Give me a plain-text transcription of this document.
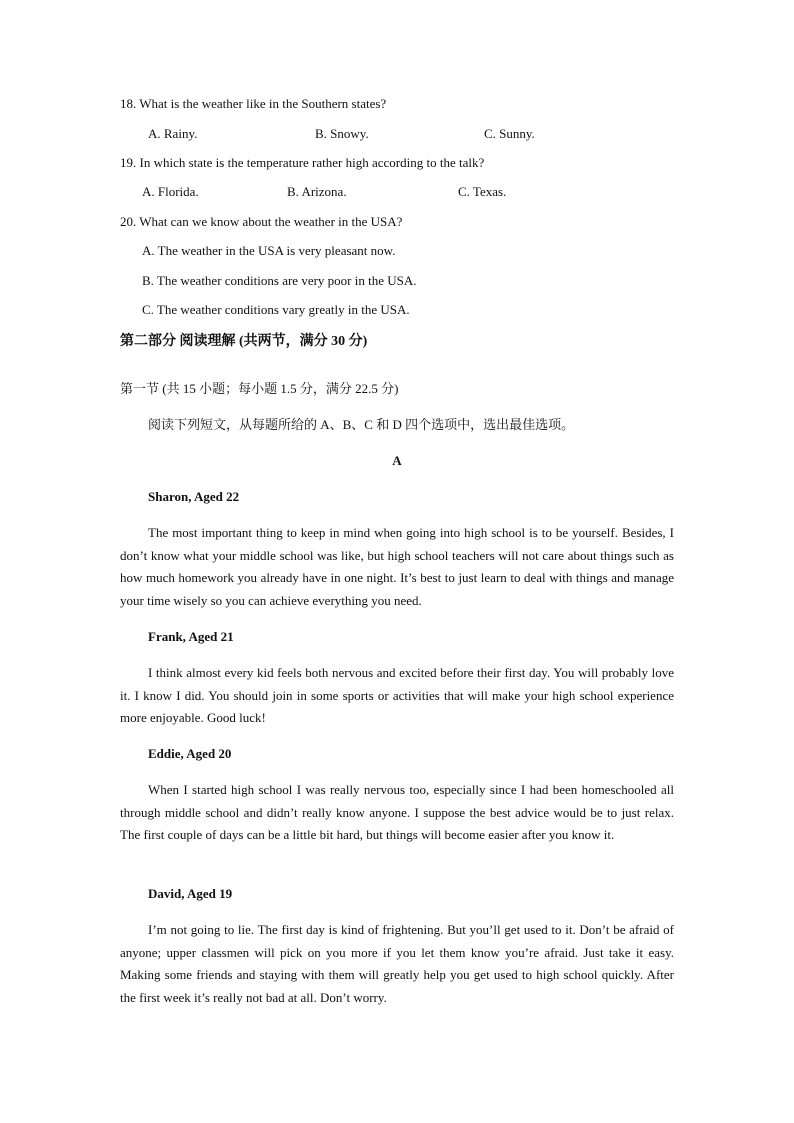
18. What is the weather like in the Southern states?
A. Rainy.	B. Snowy.	C. Sunny.
19. In which state is the temperature rather high according to the talk?
A. Florida.	B. Arizona.	C. Texas.
20. What can we know about the weather in the USA?
A. The weather in the USA is very pleasant now.
B. The weather conditions are very poor in the USA.
C. The weather conditions vary greatly in the USA.
第二部分 阅读理解 (共两节，满分 30 分)
第一节 (共 15 小题；每小题 1.5 分，满分 22.5 分)
阅读下列短文，从每题所给的 A、B、C 和 D 四个选项中，选出最佳选项。
A
Sharon, Aged 22
The most important thing to keep in mind when going into high school is to be yourself. Besides, I don’t know what your middle school was like, but high school teachers will not care about things such as how much homework you already have in one night. It’s best to just learn to deal with things and manage your time wisely so you can achieve everything you need.
Frank, Aged 21
I think almost every kid feels both nervous and excited before their first day. You will probably love it. I know I did. You should join in some sports or activities that will make your high school experience more enjoyable. Good luck!
Eddie, Aged 20
When I started high school I was really nervous too, especially since I had been homeschooled all through middle school and didn’t really know anyone. I suppose the best advice would be to just relax. The first couple of days can be a little bit hard, but things will become easier after you know it.
David, Aged 19
I’m not going to lie. The first day is kind of frightening. But you’ll get used to it. Don’t be afraid of anyone; upper classmen will pick on you more if you let them know you’re afraid. Just take it easy. Making some friends and staying with them will greatly help you get used to high school quickly. After the first week it’s really not bad at all. Don’t worry.
